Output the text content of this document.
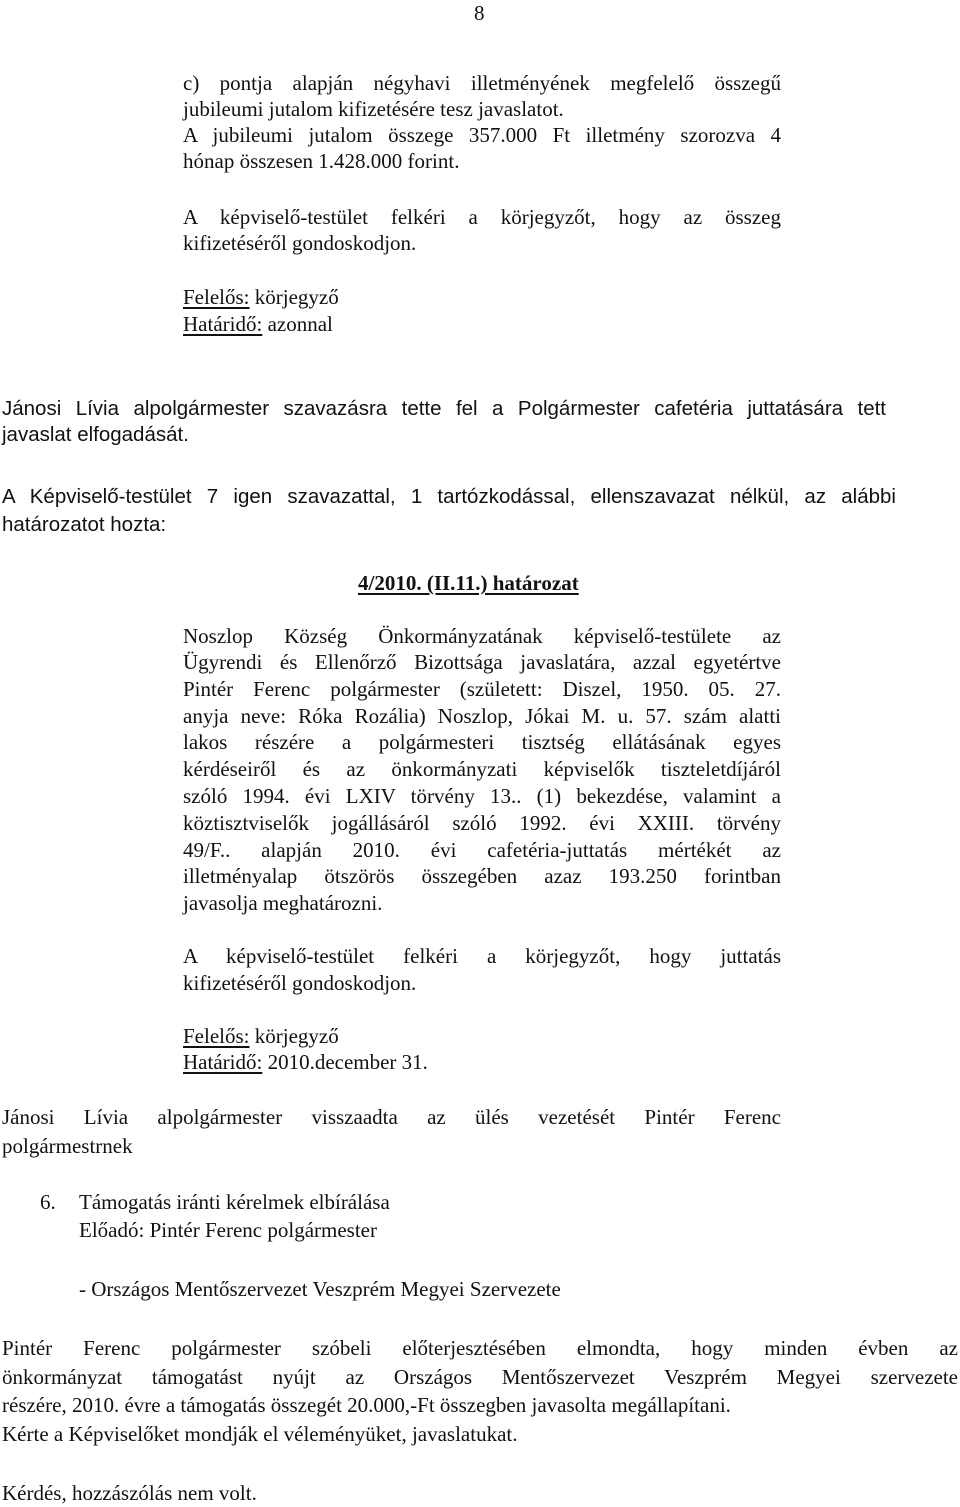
8
c) pontja alapján négyhavi illetményének megfelelő összegű
jubileumi jutalom kifizetésére tesz javaslatot.
A jubileumi jutalom összege 357.000 Ft illetmény szorozva 4
hónap összesen 1.428.000 forint.
A képviselő-testület felkéri a körjegyzőt, hogy az összeg
kifizetéséről gondoskodjon.
Felelős: körjegyző
Határidő: azonnal
Jánosi Lívia alpolgármester szavazásra tette fel a Polgármester cafetéria juttatására tett
javaslat elfogadását.
A Képviselő-testület 7 igen szavazattal, 1 tartózkodással, ellenszavazat nélkül, az alábbi
határozatot hozta:
4/2010. (II.11.) határozat
Noszlop Község Önkormányzatának képviselő-testülete az
Ügyrendi és Ellenőrző Bizottsága javaslatára, azzal egyetértve
Pintér Ferenc polgármester (született: Diszel, 1950. 05. 27.
anyja neve: Róka Rozália) Noszlop, Jókai M. u. 57. szám alatti
lakos részére a polgármesteri tisztség ellátásának egyes
kérdéseiről és az önkormányzati képviselők tiszteletdíjáról
szóló 1994. évi LXIV törvény 13.. (1) bekezdése, valamint a
köztisztviselők jogállásáról szóló 1992. évi XXIII. törvény
49/F.. alapján 2010. évi cafetéria-juttatás mértékét az
illetményalap ötszörös összegében azaz 193.250 forintban
javasolja meghatározni.
A képviselő-testület felkéri a körjegyzőt, hogy juttatás
kifizetéséről gondoskodjon.
Felelős: körjegyző
Határidő: 2010.december 31.
Jánosi Lívia alpolgármester visszaadta az ülés vezetését Pintér Ferenc
polgármestrnek
6. Támogatás iránti kérelmek elbírálása
Előadó: Pintér Ferenc polgármester
- Országos Mentőszervezet Veszprém Megyei Szervezete
Pintér Ferenc polgármester szóbeli előterjesztésében elmondta, hogy minden évben az
önkormányzat támogatást nyújt az Országos Mentőszervezet Veszprém Megyei szervezete
részére, 2010. évre a támogatás összegét 20.000,-Ft összegben javasolta megállapítani.
Kérte a Képviselőket mondják el véleményüket, javaslatukat.
Kérdés, hozzászólás nem volt.
